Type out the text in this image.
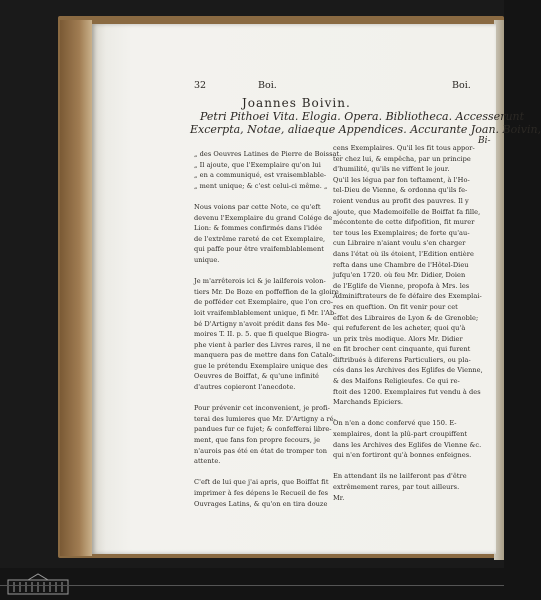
32	Boi.	Boi.
Joannes Boivin.
Petri Pithoei Vita. Elogia. Opera. Bibliotheca. Accesserunt
Excerpta, Notae, aliaeque Appendices. Accurante Joan. Boivin,
Bi-
„ des Oeuvres Latines de Pierre de Boissat.
„ Il ajoute, que l'Exemplaire qu'on lui
„ en a communiqué, est vraisemblable-
„ ment unique; & c'est celui-ci même. „
Nous voions par cette Note, ce qu'eft
devenu l'Exemplaire du grand Colége de
Lion: & fommes confirmés dans l'idée
de l'extrême rareté de cet Exemplaire,
qui paffe pour être vraifemblablement
unique.
Je m'arrêterois ici & je lailferois volon-
tiers Mr. De Boze en poffeffion de la gloire
de pofféder cet Exemplaire, que l'on cro-
loit vraifemblablement unique, fi Mr. l'Ab-
bé D'Artigny n'avoit prédit dans fes Me-
moires T. II. p. 5. que fi quelque Biogra-
phe vient à parler des Livres rares, il ne
manquera pas de mettre dans fon Catalo-
gue le prétendu Exemplaire unique des
Oeuvres de Boiffat, & qu'une infinité
d'autres copieront l'anecdote.
Pour prévenir cet inconvenient, je profi-
terai des lumieres que Mr. D'Artigny a ré-
pandues fur ce fujet; & confefferai libre-
ment, que fans fon propre fecours, je
n'aurois pas été en état de tromper ton
attente.
C'eft de lui que j'ai apris, que Boiffat fit
imprimer à fes dépens le Recueil de fes
Ouvrages Latins, & qu'on en tira douze
cens Exemplaires. Qu'il les fit tous appor-
ter chez lui, & empêcha, par un principe
d'humilité, qu'ils ne viffent le jour.
Qu'il les légua par fon teftament, à l'Ho-
tel-Dieu de Vienne, & ordonna qu'ils fe-
roient vendus au profit des pauvres. Il y
ajoute, que Mademoifelle de Boiffat fa fille,
mécontente de cette difpofition, fit murer
ter tous les Exemplaires; de forte qu'au-
cun Libraire n'aiant voulu s'en charger
dans l'état où ils étoient, l'Edition entière
refta dans une Chambre de l'Hôtel-Dieu
jufqu'en 1720. où feu Mr. Didier, Doien
de l'Eglife de Vienne, propofa à Mrs. les
Adminiftrateurs de fe défaire des Exemplai-
res en queftion. On fit venir pour cet
effet des Libraires de Lyon & de Grenoble;
qui refuferent de les acheter, quoi qu'à
un prix très modique. Alors Mr. Didier
en fit brocher cent cinquante, qui furent
diftribués à diferens Particuliers, ou pla-
cés dans les Archives des Eglifes de Vienne,
& des Maifons Religieufes. Ce qui re-
ftoit des 1200. Exemplaires fut vendu à des
Marchands Epiciers.
On n'en a donc confervé que 150. E-
xemplaires, dont la plû-part croupiffent
dans les Archives des Eglifes de Vienne &c.
qui n'en fortiront qu'à bonnes enfeignes.
En attendant ils ne lailferont pas d'être
extrêmement rares, par tout ailleurs.
Mr.
